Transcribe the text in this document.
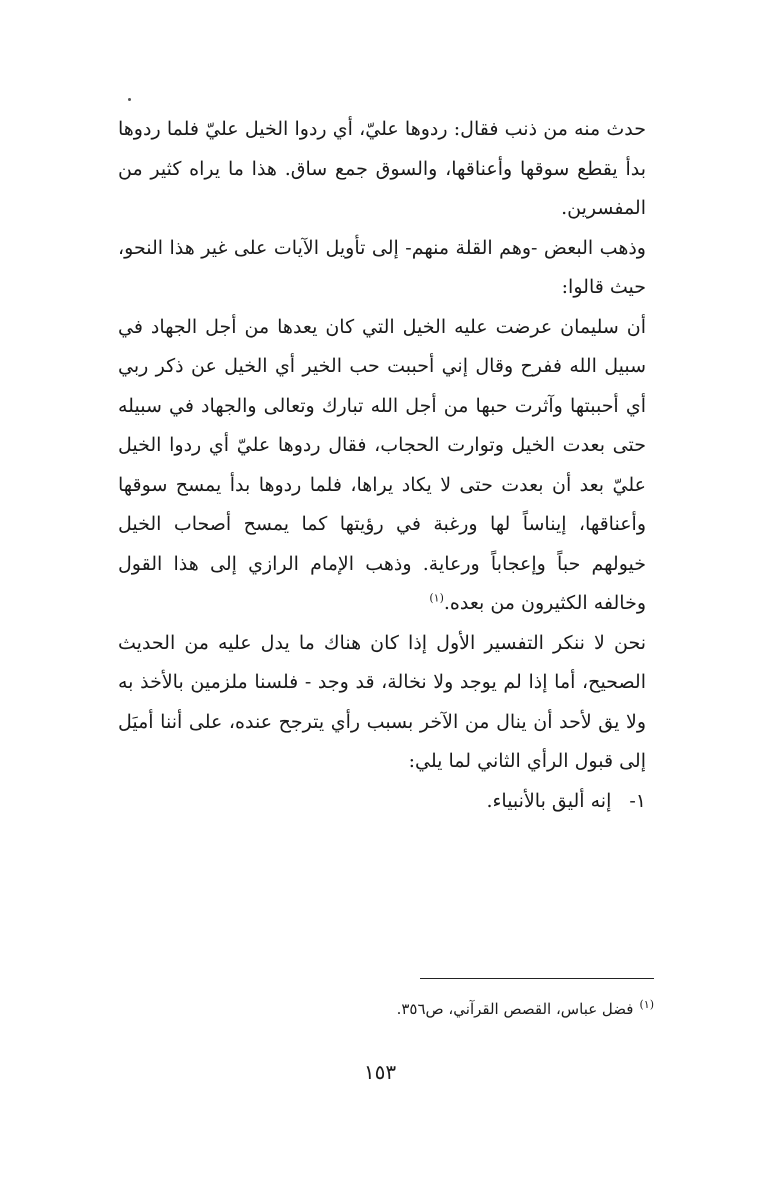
حدث منه من ذنب فقال: ردوها عليّ، أي ردوا الخيل عليّ فلما ردوها بدأ يقطع سوقها وأعناقها، والسوق جمع ساق. هذا ما يراه كثير من المفسرين.

وذهب البعض -وهم القلة منهم- إلى تأويل الآيات على غير هذا النحو، حيث قالوا:

أن سليمان عرضت عليه الخيل التي كان يعدها من أجل الجهاد في سبيل الله ففرح وقال إني أحببت حب الخير أي الخيل عن ذكر ربي أي أحببتها وآثرت حبها من أجل الله تبارك وتعالى والجهاد في سبيله حتى بعدت الخيل وتوارت الحجاب، فقال ردوها عليّ أي ردوا الخيل عليّ بعد أن بعدت حتى لا يكاد يراها، فلما ردوها بدأ يمسح سوقها وأعناقها، إيناساً لها ورغبة في رؤيتها كما يمسح أصحاب الخيل خيولهم حباً وإعجاباً ورعاية. وذهب الإمام الرازي إلى هذا القول وخالفه الكثيرون من بعده.$^{(١)}$

نحن لا ننكر التفسير الأول إذا كان هناك ما يدل عليه من الحديث الصحيح، أما إذا لم يوجد ولا نخالة، قد وجد - فلسنا ملزمين بالأخذ به ولا يق لأحد أن ينال من الآخر بسبب رأي يترجح عنده، على أننا أميَل إلى قبول الرأي الثاني لما يلي:

١-إنه أليق بالأنبياء.

$^{(١)}$فضل عباس، القصص القرآني، ص٣٥٦.
١٥٣
